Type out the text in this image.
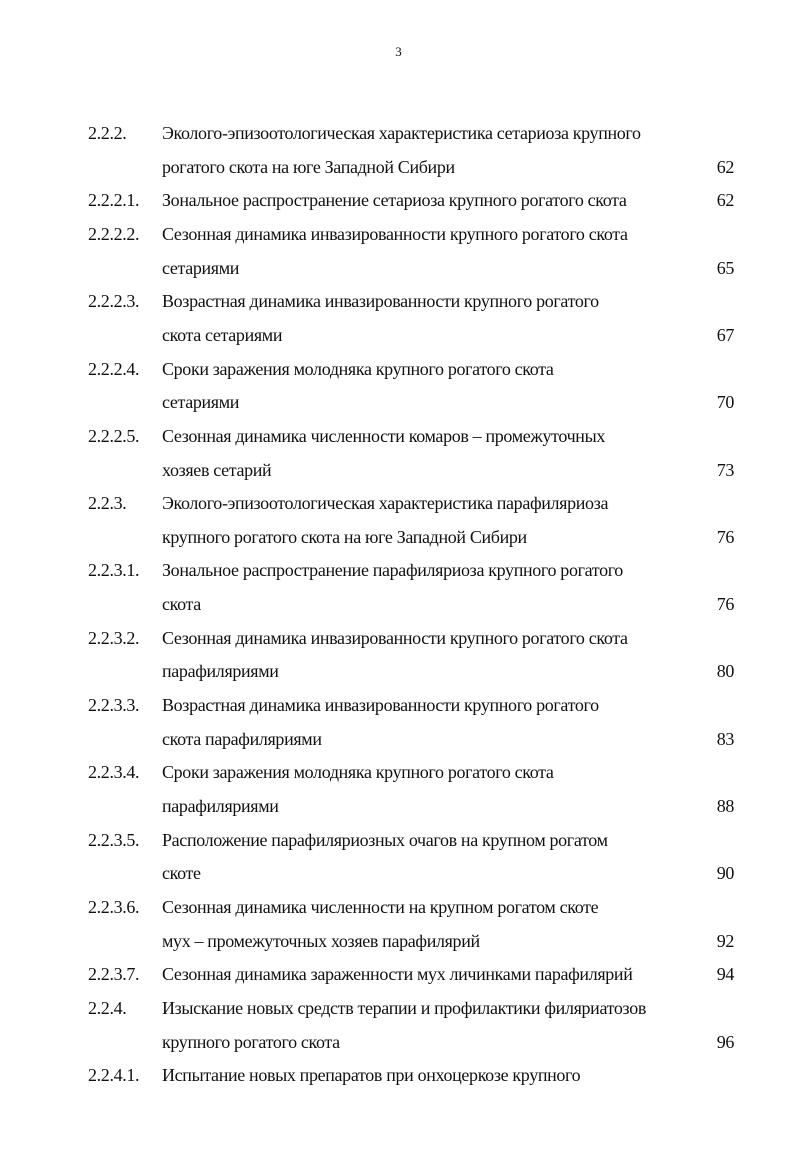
3
2.2.2. Эколого-эпизоотологическая характеристика сетариоза крупного
рогатого скота на юге Западной Сибири	62
2.2.2.1. Зональное распространение сетариоза крупного рогатого скота	62
2.2.2.2. Сезонная динамика инвазированности крупного рогатого скота
сетариями	65
2.2.2.3. Возрастная динамика инвазированности крупного рогатого
скота сетариями	67
2.2.2.4. Сроки заражения молодняка крупного рогатого скота
сетариями	70
2.2.2.5. Сезонная динамика численности комаров – промежуточных
хозяев сетарий	73
2.2.3. Эколого-эпизоотологическая характеристика парафиляриоза
крупного рогатого скота на юге Западной Сибири	76
2.2.3.1. Зональное распространение парафиляриоза крупного рогатого
скота	76
2.2.3.2. Сезонная динамика инвазированности крупного рогатого скота
парафиляриями	80
2.2.3.3. Возрастная динамика инвазированности крупного рогатого
скота парафиляриями	83
2.2.3.4. Сроки заражения молодняка крупного рогатого скота
парафиляриями	88
2.2.3.5. Расположение парафиляриозных очагов на крупном рогатом
скоте	90
2.2.3.6. Сезонная динамика численности на крупном рогатом скоте
мух – промежуточных хозяев парафилярий	92
2.2.3.7. Сезонная динамика зараженности мух личинками парафилярий	94
2.2.4. Изыскание новых средств терапии и профилактики филяриатозов
крупного рогатого скота	96
2.2.4.1. Испытание новых препаратов при онхоцеркозе крупного
